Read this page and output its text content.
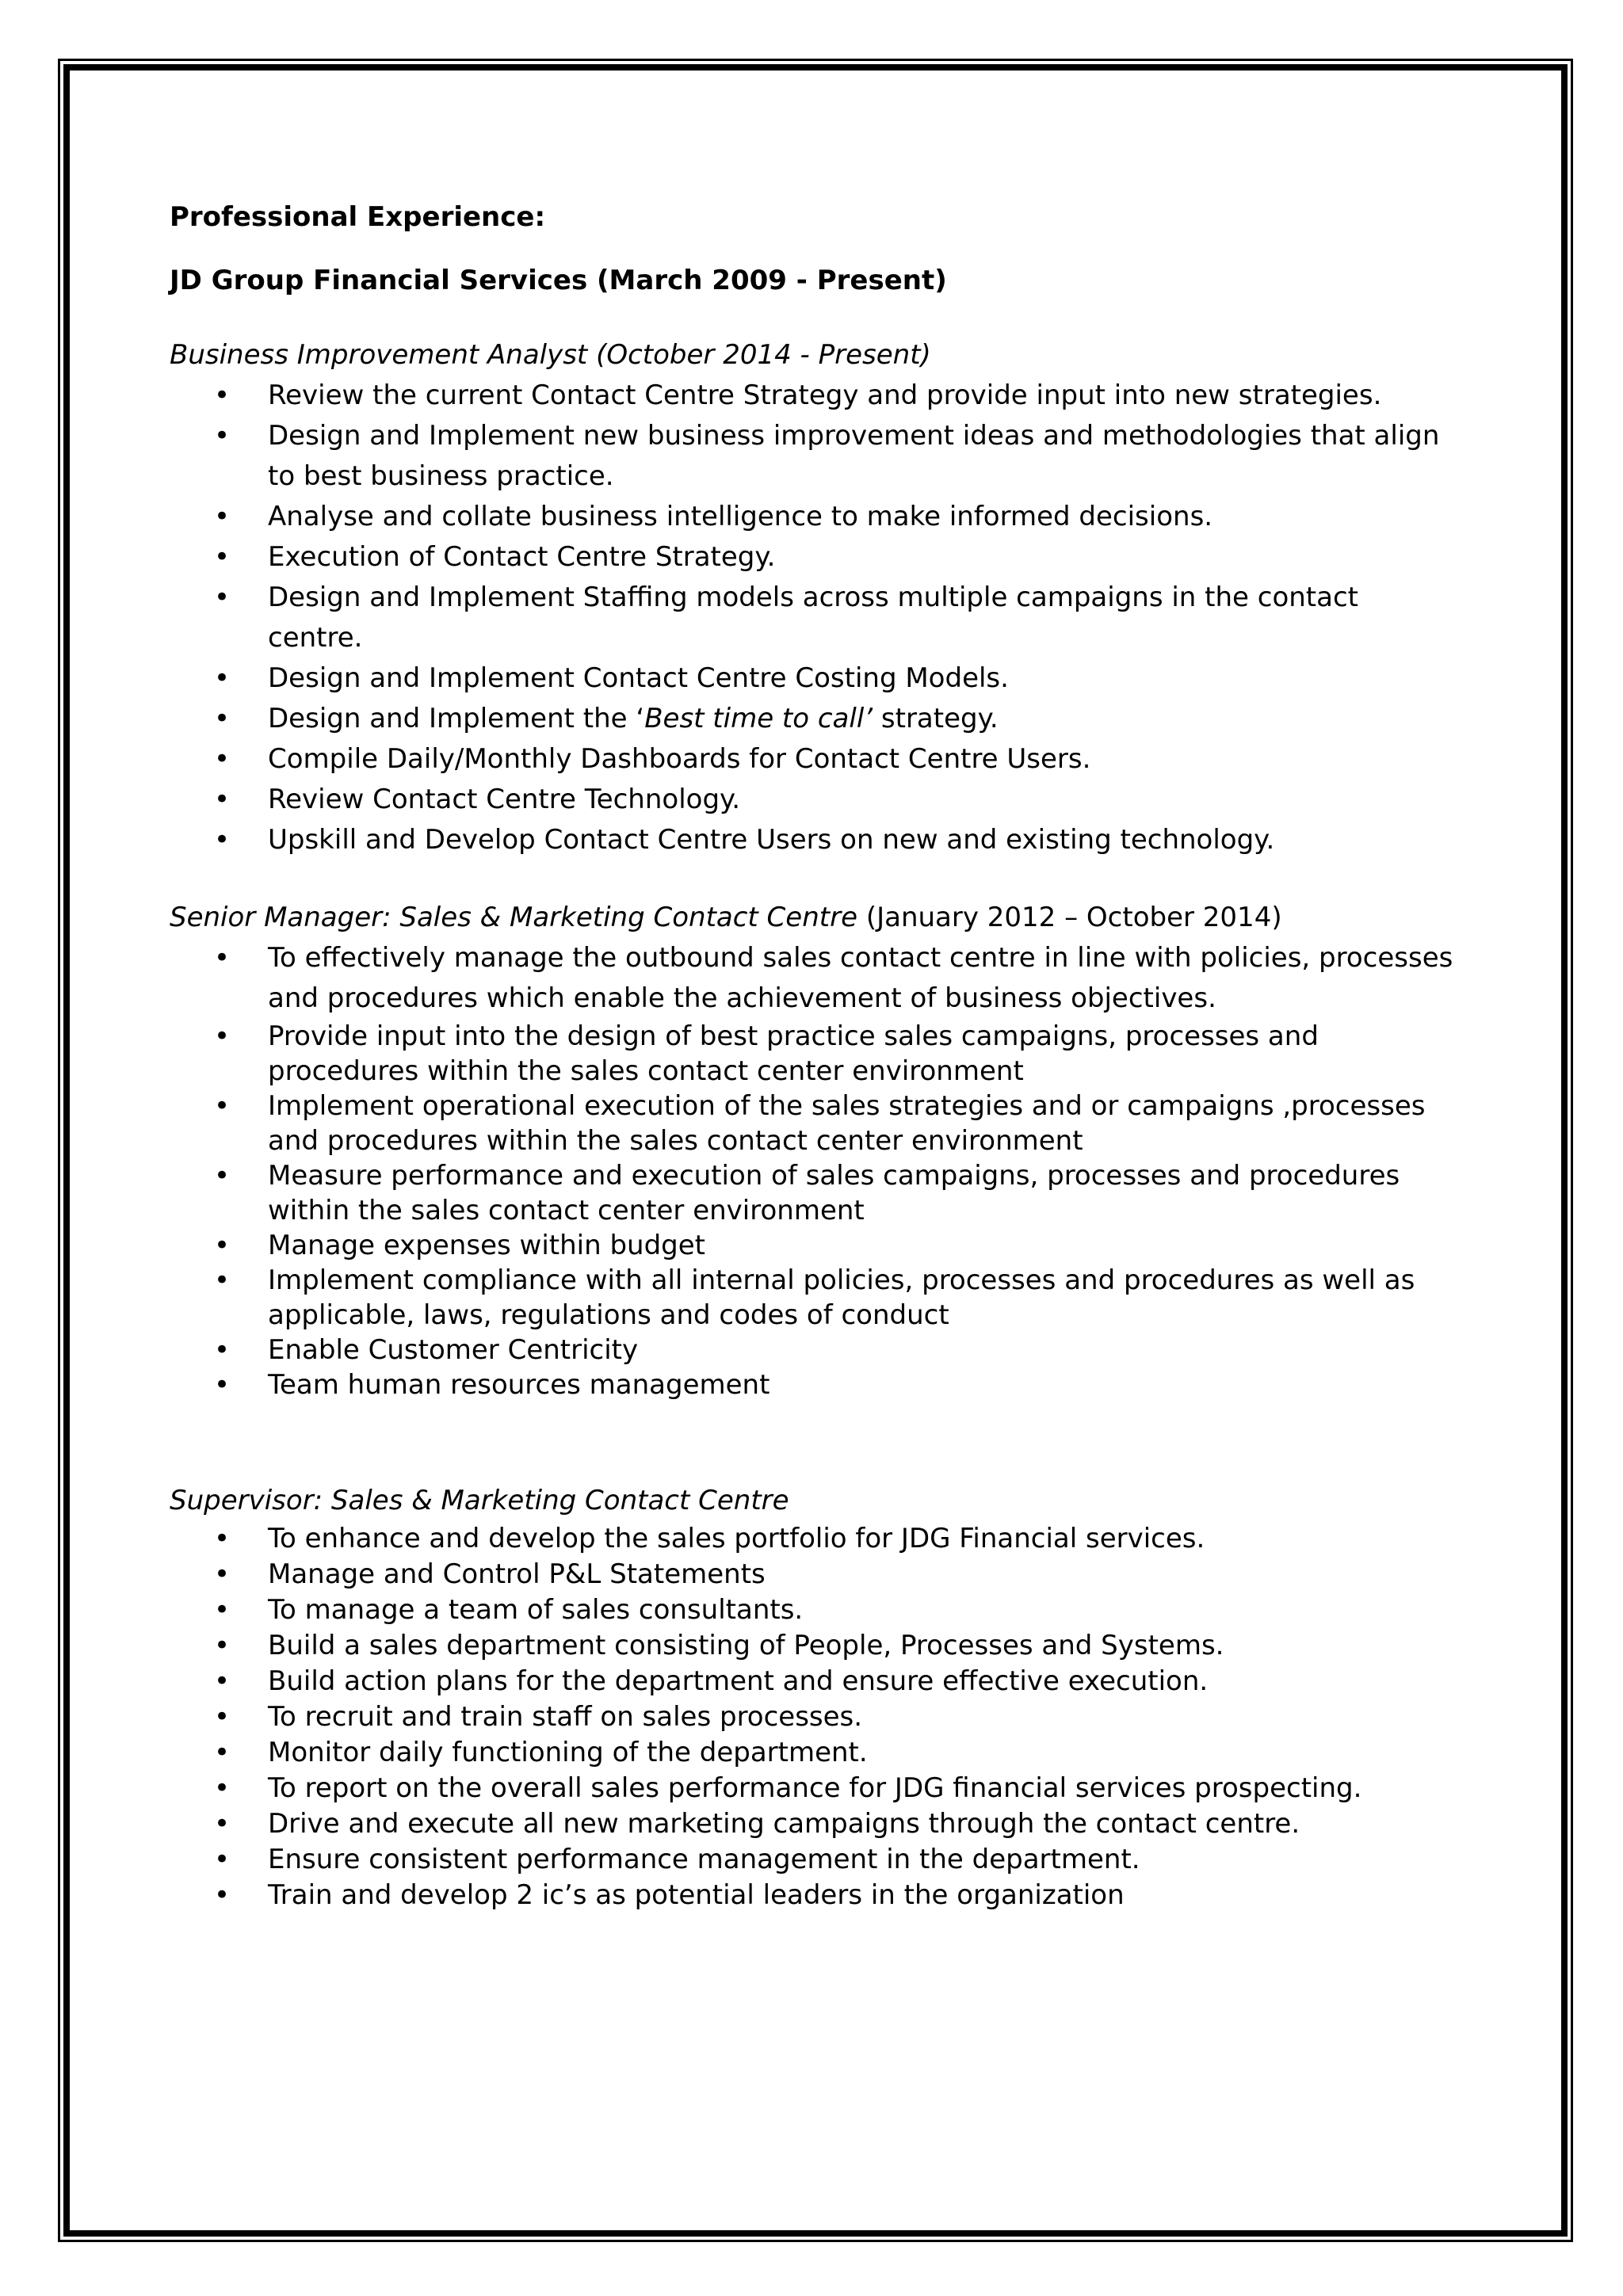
Professional Experience:

JD Group Financial Services (March 2009 - Present)

Business Improvement Analyst (October 2014 - Present)

• Review the current Contact Centre Strategy and provide input into new strategies.
• Design and Implement new business improvement ideas and methodologies that align to best business practice.
• Analyse and collate business intelligence to make informed decisions.
• Execution of Contact Centre Strategy.
• Design and Implement Staffing models across multiple campaigns in the contact centre.
• Design and Implement Contact Centre Costing Models.
• Design and Implement the ‘Best time to call’ strategy.
• Compile Daily/Monthly Dashboards for Contact Centre Users.
• Review Contact Centre Technology.
• Upskill and Develop Contact Centre Users on new and existing technology.

Senior Manager: Sales & Marketing Contact Centre (January 2012 – October 2014)

• To effectively manage the outbound sales contact centre in line with policies, processes and procedures which enable the achievement of business objectives.
• Provide input into the design of best practice sales campaigns, processes and procedures within the sales contact center environment
• Implement operational execution of the sales strategies and or campaigns ,processes and procedures within the sales contact center environment
• Measure performance and execution of sales campaigns, processes and procedures within the sales contact center environment
• Manage expenses within budget
• Implement compliance with all internal policies, processes and procedures as well as applicable, laws, regulations and codes of conduct
• Enable Customer Centricity
• Team human resources management

Supervisor: Sales & Marketing Contact Centre

• To enhance and develop the sales portfolio for JDG Financial services.
• Manage and Control P&L Statements
• To manage a team of sales consultants.
• Build a sales department consisting of People, Processes and Systems.
• Build action plans for the department and ensure effective execution.
• To recruit and train staff on sales processes.
• Monitor daily functioning of the department.
• To report on the overall sales performance for JDG financial services prospecting.
• Drive and execute all new marketing campaigns through the contact centre.
• Ensure consistent performance management in the department.
• Train and develop 2 ic’s as potential leaders in the organization
